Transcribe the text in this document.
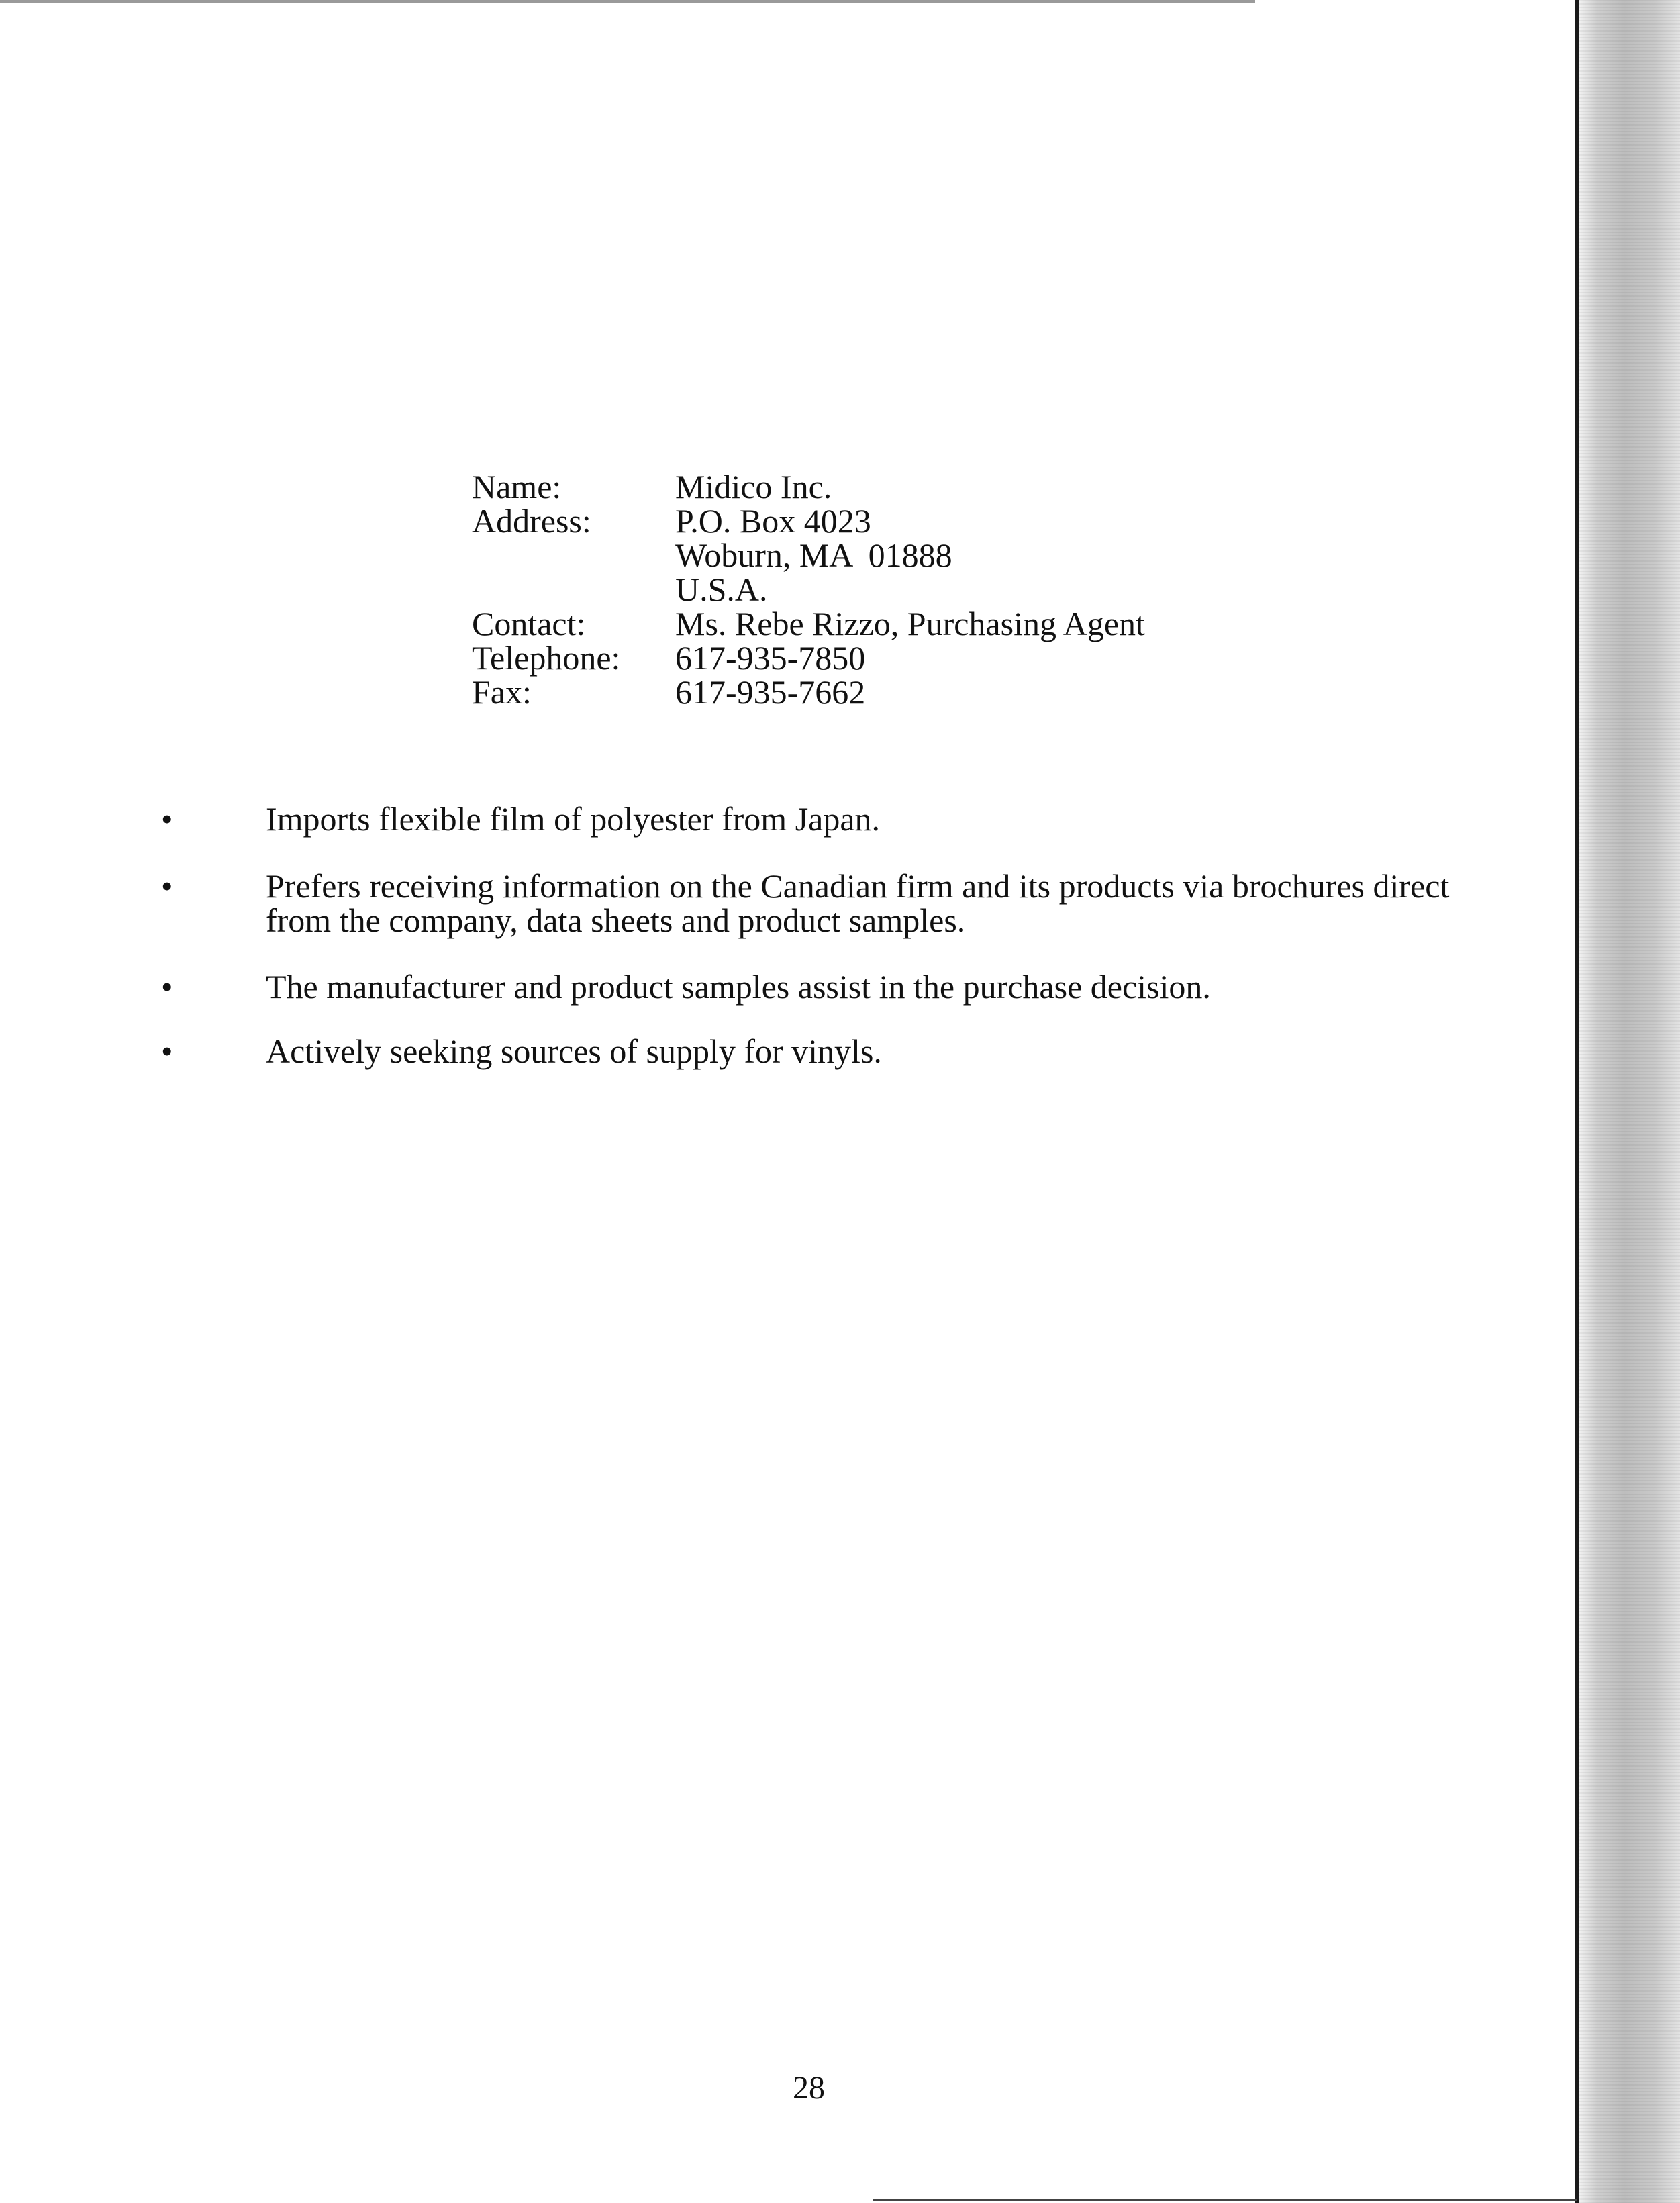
Name:	Midico Inc.
Address:	P.O. Box 4023
Woburn, MA  01888
U.S.A.
Contact:	Ms. Rebe Rizzo, Purchasing Agent
Telephone:	617-935-7850
Fax:	617-935-7662
•	Imports flexible film of polyester from Japan.
•	Prefers receiving information on the Canadian firm and its products via brochures direct from the company, data sheets and product samples.
•	The manufacturer and product samples assist in the purchase decision.
•	Actively seeking sources of supply for vinyls.
28
